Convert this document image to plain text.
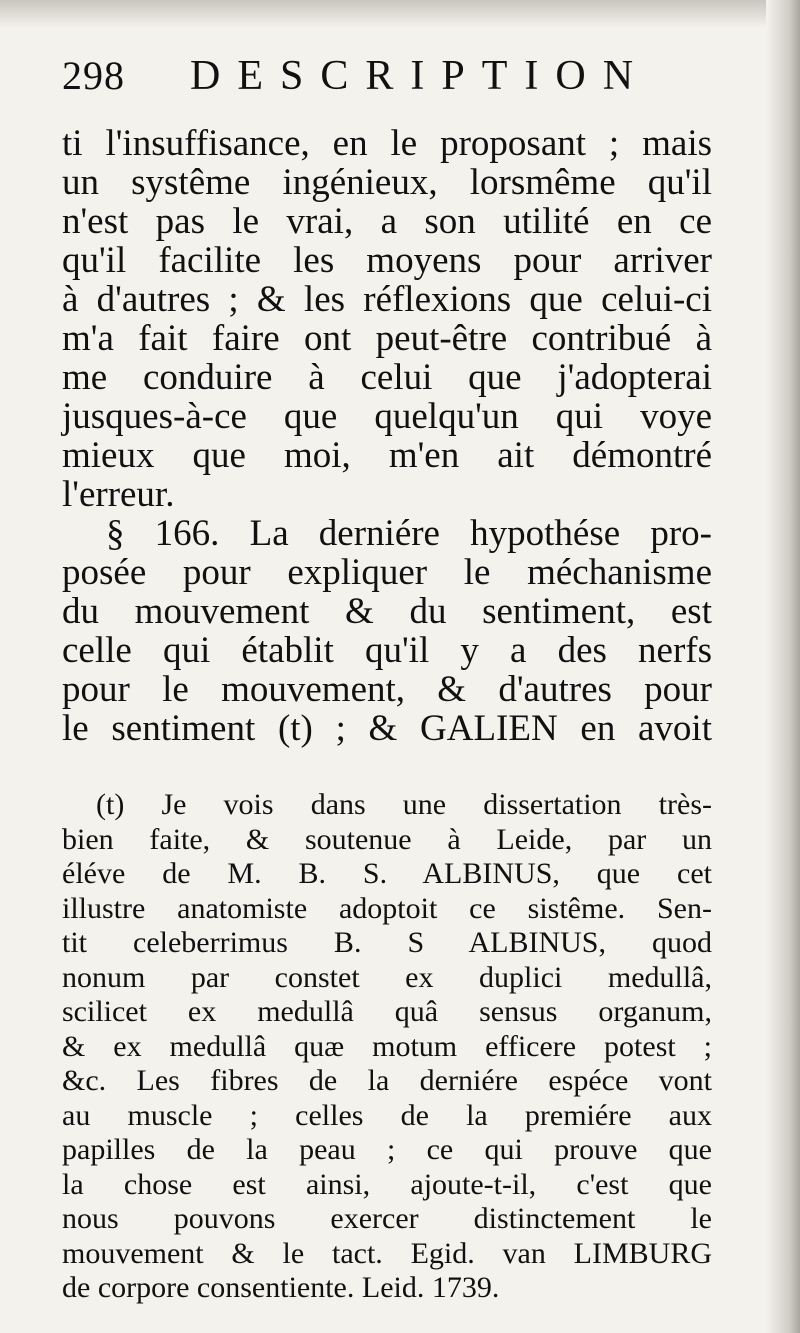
298 DESCRIPTION
ti l'insuffisance, en le proposant ; mais
un systême ingénieux, lorsmême qu'il
n'est pas le vrai, a son utilité en ce
qu'il facilite les moyens pour arriver
à d'autres ; & les réflexions que celui-ci
m'a fait faire ont peut-être contribué à
me conduire à celui que j'adopterai
jusques-à-ce que quelqu'un qui voye
mieux que moi, m'en ait démontré
l'erreur.
§ 166. La derniére hypothése pro-
posée pour expliquer le méchanisme
du mouvement & du sentiment, est
celle qui établit qu'il y a des nerfs
pour le mouvement, & d'autres pour
le sentiment (t) ; & GALIEN en avoit
(t) Je vois dans une dissertation très-
bien faite, & soutenue à Leide, par un
éléve de M. B. S. ALBINUS, que cet
illustre anatomiste adoptoit ce sistême. Sen-
tit celeberrimus B. S ALBINUS, quod
nonum par constet ex duplici medullâ,
scilicet ex medullâ quâ sensus organum,
& ex medullâ quæ motum efficere potest ;
&c. Les fibres de la derniére espéce vont
au muscle ; celles de la premiére aux
papilles de la peau ; ce qui prouve que
la chose est ainsi, ajoute-t-il, c'est que
nous pouvons exercer distinctement le
mouvement & le tact. Egid. van LIMBURG
de corpore consentiente. Leid. 1739.
